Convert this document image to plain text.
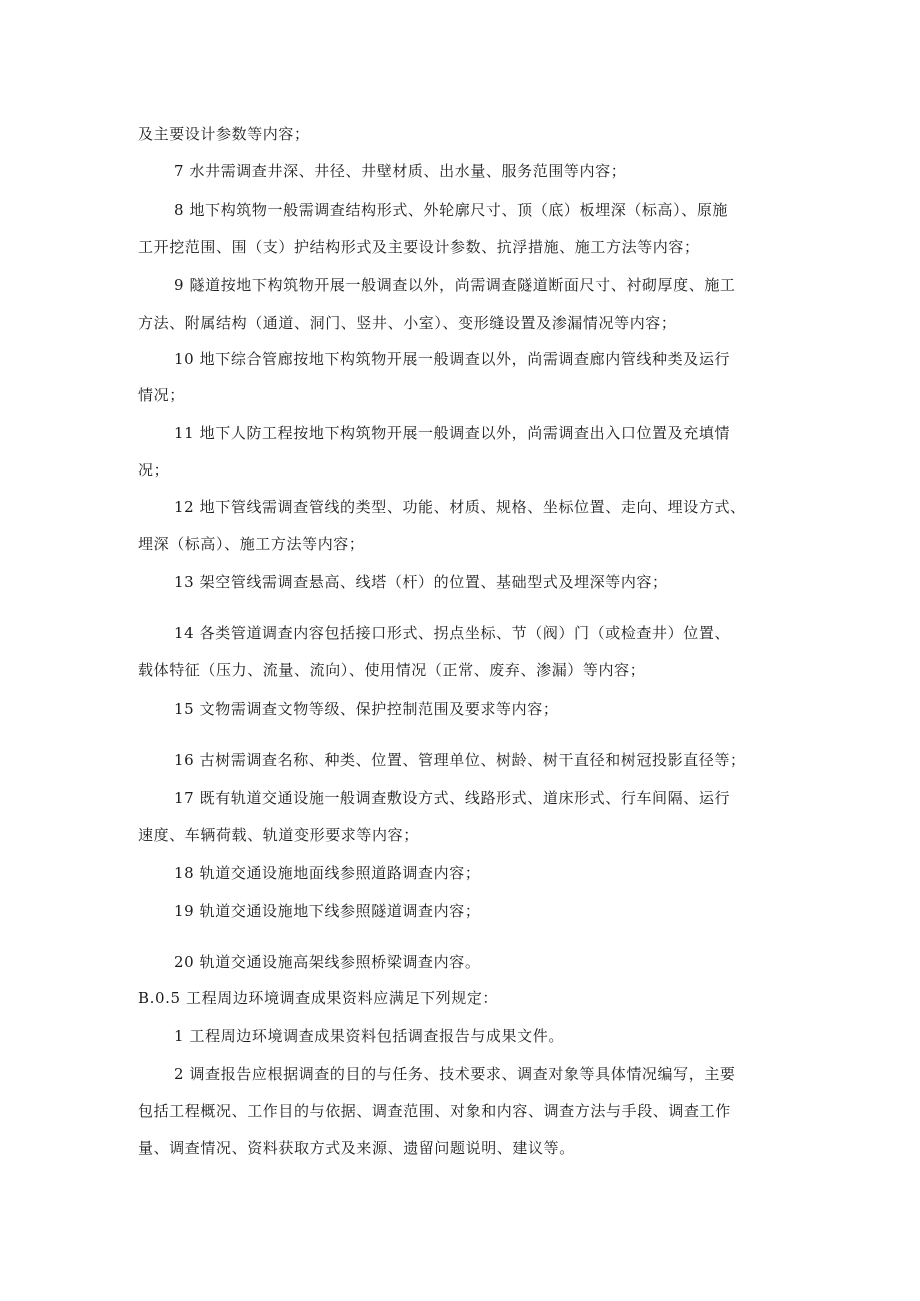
及主要设计参数等内容；
7 水井需调查井深、井径、井壁材质、出水量、服务范围等内容；
8 地下构筑物一般需调查结构形式、外轮廓尺寸、顶（底）板埋深（标高）、原施
工开挖范围、围（支）护结构形式及主要设计参数、抗浮措施、施工方法等内容；
9 隧道按地下构筑物开展一般调查以外，尚需调查隧道断面尺寸、衬砌厚度、施工
方法、附属结构（通道、洞门、竖井、小室）、变形缝设置及渗漏情况等内容；
10 地下综合管廊按地下构筑物开展一般调查以外，尚需调查廊内管线种类及运行
情况；
11 地下人防工程按地下构筑物开展一般调查以外，尚需调查出入口位置及充填情
况；
12 地下管线需调查管线的类型、功能、材质、规格、坐标位置、走向、埋设方式、
埋深（标高）、施工方法等内容；
13 架空管线需调查悬高、线塔（杆）的位置、基础型式及埋深等内容；
14 各类管道调查内容包括接口形式、拐点坐标、节（阀）门（或检查井）位置、
载体特征（压力、流量、流向）、使用情况（正常、废弃、渗漏）等内容；
15 文物需调查文物等级、保护控制范围及要求等内容；
16 古树需调查名称、种类、位置、管理单位、树龄、树干直径和树冠投影直径等；
17 既有轨道交通设施一般调查敷设方式、线路形式、道床形式、行车间隔、运行
速度、车辆荷载、轨道变形要求等内容；
18 轨道交通设施地面线参照道路调查内容；
19 轨道交通设施地下线参照隧道调查内容；
20 轨道交通设施高架线参照桥梁调查内容。
B.0.5 工程周边环境调查成果资料应满足下列规定：
1 工程周边环境调查成果资料包括调查报告与成果文件。
2 调查报告应根据调查的目的与任务、技术要求、调查对象等具体情况编写，主要
包括工程概况、工作目的与依据、调查范围、对象和内容、调查方法与手段、调查工作
量、调查情况、资料获取方式及来源、遗留问题说明、建议等。
